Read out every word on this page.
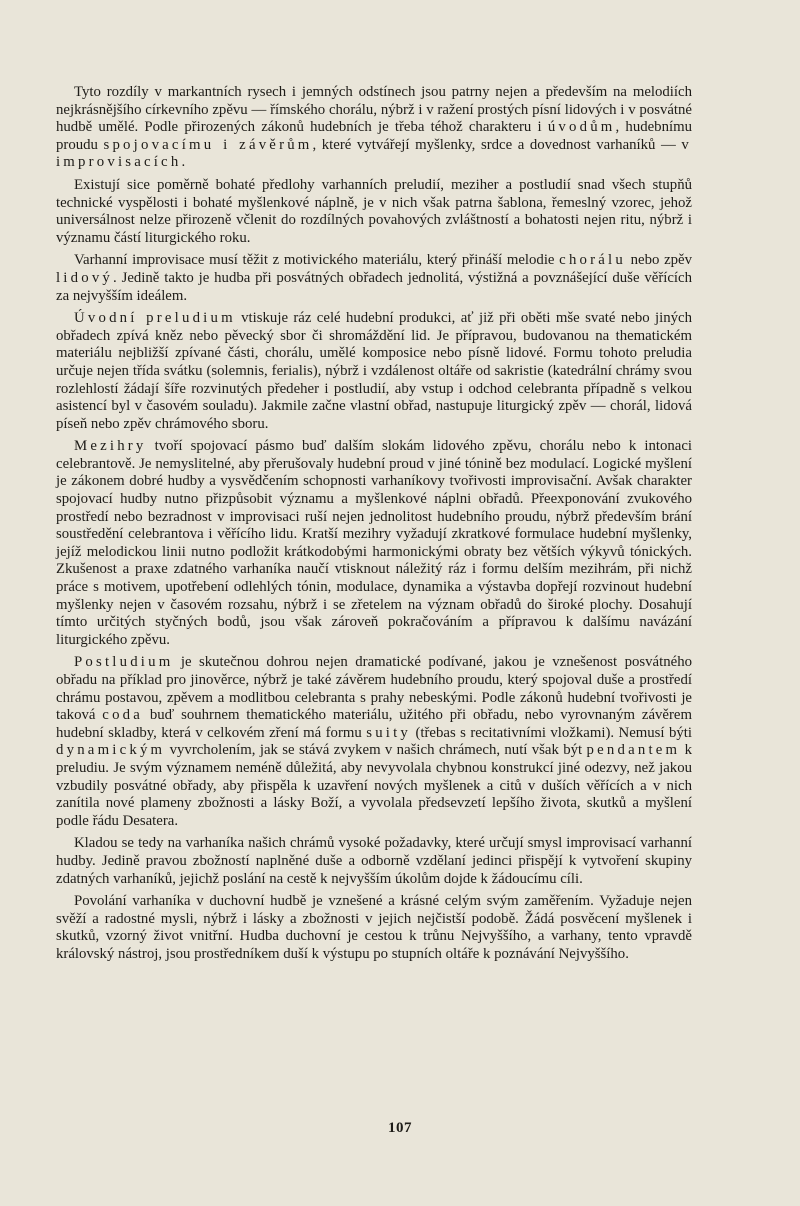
Tyto rozdíly v markantních rysech i jemných odstínech jsou patrny nejen a především na melodiích nejkrásnějšího církevního zpěvu — římského chorálu, nýbrž i v ražení prostých písní lidových i v posvátné hudbě umělé. Podle přirozených zákonů hudebních je třeba téhož charakteru i úvodům, hudebnímu proudu spojovacímu i závěrům, které vytvářejí myšlenky, srdce a dovednost varhaníků — v improvisacích.

Existují sice poměrně bohaté předlohy varhanních preludií, meziher a postludií snad všech stupňů technické vyspělosti i bohaté myšlenkové náplně, je v nich však patrna šablona, řemeslný vzorec, jehož universálnost nelze přirozeně včlenit do rozdílných povahových zvláštností a bohatosti nejen ritu, nýbrž i významu částí liturgického roku.

Varhanní improvisace musí těžit z motivického materiálu, který přináší melodie chorálu nebo zpěv lidový. Jedině takto je hudba při posvátných obřadech jednolitá, výstižná a povznášející duše věřících za nejvyšším ideálem.

Úvodní preludium vtiskuje ráz celé hudební produkci, ať již při oběti mše svaté nebo jiných obřadech zpívá kněz nebo pěvecký sbor či shromáždění lid. Je přípravou, budovanou na thematickém materiálu nejbližší zpívané části, chorálu, umělé komposice nebo písně lidové. Formu tohoto preludia určuje nejen třída svátku (solemnis, ferialis), nýbrž i vzdálenost oltáře od sakristie (katedrální chrámy svou rozlehlostí žádají šíře rozvinutých předeher i postludií, aby vstup i odchod celebranta případně s velkou asistencí byl v časovém souladu). Jakmile začne vlastní obřad, nastupuje liturgický zpěv — chorál, lidová píseň nebo zpěv chrámového sboru.

Mezihry tvoří spojovací pásmo buď dalším slokám lidového zpěvu, chorálu nebo k intonaci celebrantově. Je nemyslitelné, aby přerušovaly hudební proud v jiné tónině bez modulací. Logické myšlení je zákonem dobré hudby a vysvědčením schopnosti varhaníkovy tvořivosti improvisační. Avšak charakter spojovací hudby nutno přizpůsobit významu a myšlenkové náplni obřadů. Přeexponování zvukového prostředí nebo bezradnost v improvisaci ruší nejen jednolitost hudebního proudu, nýbrž především brání soustředění celebrantova i věřícího lidu. Kratší mezihry vyžadují zkratkové formulace hudební myšlenky, jejíž melodickou linii nutno podložit krátkodobými harmonickými obraty bez větších výkyvů tónických. Zkušenost a praxe zdatného varhaníka naučí vtisknout náležitý ráz i formu delším mezihrám, při nichž práce s motivem, upotřebení odlehlých tónin, modulace, dynamika a výstavba dopřejí rozvinout hudební myšlenky nejen v časovém rozsahu, nýbrž i se zřetelem na význam obřadů do široké plochy. Dosahují tímto určitých styčných bodů, jsou však zároveň pokračováním a přípravou k dalšímu navázání liturgického zpěvu.

Postludium je skutečnou dohrou nejen dramatické podívané, jakou je vznešenost posvátného obřadu na příklad pro jinověrce, nýbrž je také závěrem hudebního proudu, který spojoval duše a prostředí chrámu postavou, zpěvem a modlitbou celebranta s prahy nebeskými. Podle zákonů hudební tvořivosti je taková coda buď souhrnem thematického materiálu, užitého při obřadu, nebo vyrovnaným závěrem hudební skladby, která v celkovém zření má formu suity (třebas s recitativními vložkami). Nemusí býti dynamickým vyvrcholením, jak se stává zvykem v našich chrámech, nutí však být pendantem k preludiu. Je svým významem neméně důležitá, aby nevyvolala chybnou konstrukcí jiné odezvy, než jakou vzbudily posvátné obřady, aby přispěla k uzavření nových myšlenek a citů v duších věřících a v nich zanítila nové plameny zbožnosti a lásky Boží, a vyvolala předsevzetí lepšího života, skutků a myšlení podle řádu Desatera.

Kladou se tedy na varhaníka našich chrámů vysoké požadavky, které určují smysl improvisací varhanní hudby. Jedině pravou zbožností naplněné duše a odborně vzdělaní jedinci přispějí k vytvoření skupiny zdatných varhaníků, jejichž poslání na cestě k nejvyšším úkolům dojde k žádoucímu cíli.

Povolání varhaníka v duchovní hudbě je vznešené a krásné celým svým zaměřením. Vyžaduje nejen svěží a radostné mysli, nýbrž i lásky a zbožnosti v jejich nejčistší podobě. Žádá posvěcení myšlenek i skutků, vzorný život vnitřní. Hudba duchovní je cestou k trůnu Nejvyššího, a varhany, tento vpravdě královský nástroj, jsou prostředníkem duší k výstupu po stupních oltáře k poznávání Nejvyššího.

107
